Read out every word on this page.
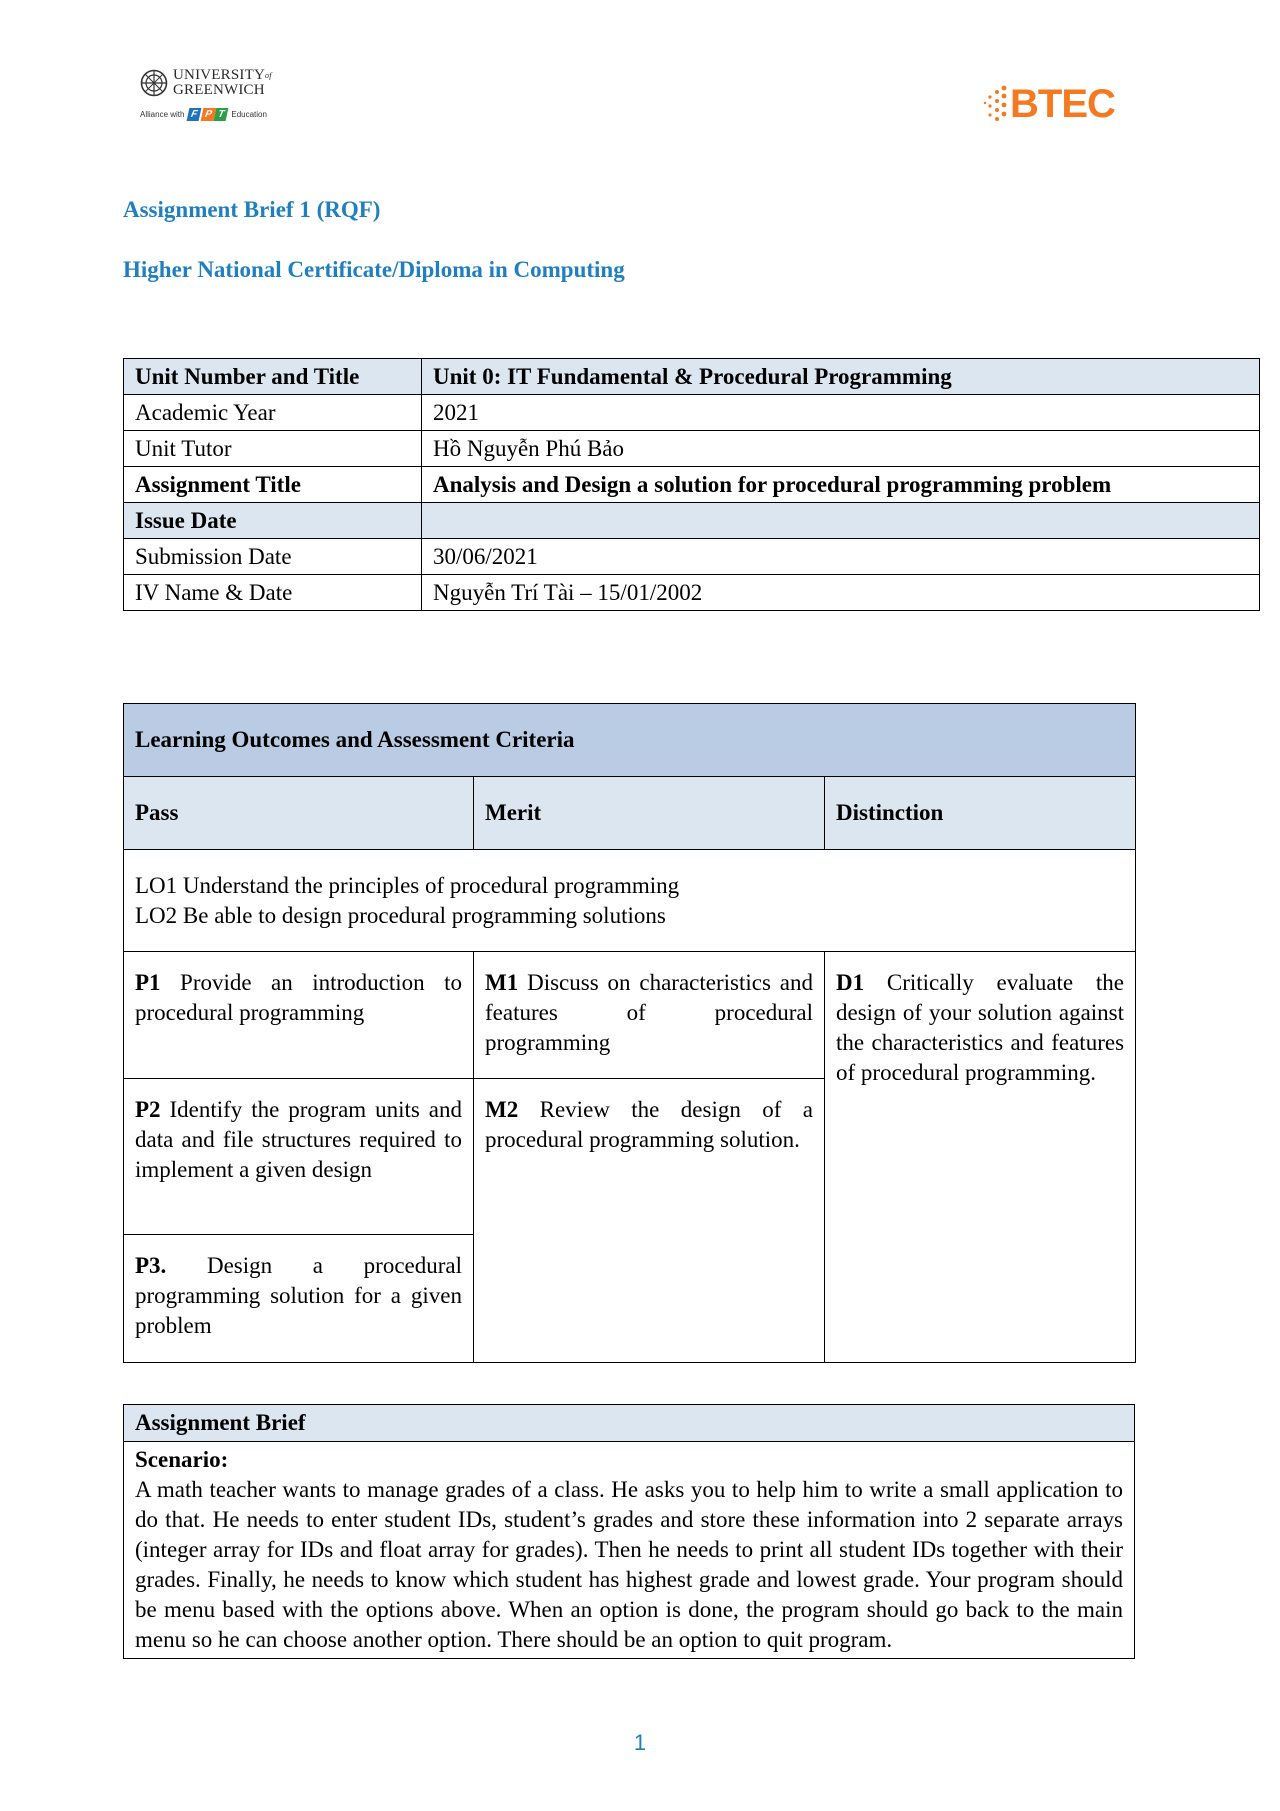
$UNIVERSITY^{of}$
GREENWICH
Alliance with F P T Education	BTEC
Assignment Brief 1 (RQF)
Higher National Certificate/Diploma in Computing
Unit Number and Title	Unit 0: IT Fundamental & Procedural Programming
Academic Year	2021
Unit Tutor	Hồ Nguyễn Phú Bảo
Assignment Title	Analysis and Design a solution for procedural programming problem
Issue Date	
Submission Date	30/06/2021
IV Name & Date	Nguyễn Trí Tài – 15/01/2002
Learning Outcomes and Assessment Criteria		
Pass	Merit	Distinction

LO1 Understand the principles of procedural programming
LO2 Be able to design procedural programming solutions		

P1 Provide an introduction to procedural programming	M1 Discuss on characteristics and features of procedural programming	D1 Critically evaluate the design of your solution against the characteristics and features of procedural programming.

P2 Identify the program units and data and file structures required to implement a given design	M2 Review the design of a procedural programming solution.	

P3. Design a procedural programming solution for a given problem		
Assignment Brief

Scenario:
A math teacher wants to manage grades of a class. He asks you to help him to write a small application to do that. He needs to enter student IDs, student’s grades and store these information into 2 separate arrays (integer array for IDs and float array for grades). Then he needs to print all student IDs together with their grades. Finally, he needs to know which student has highest grade and lowest grade. Your program should be menu based with the options above. When an option is done, the program should go back to the main menu so he can choose another option. There should be an option to quit program.
1
